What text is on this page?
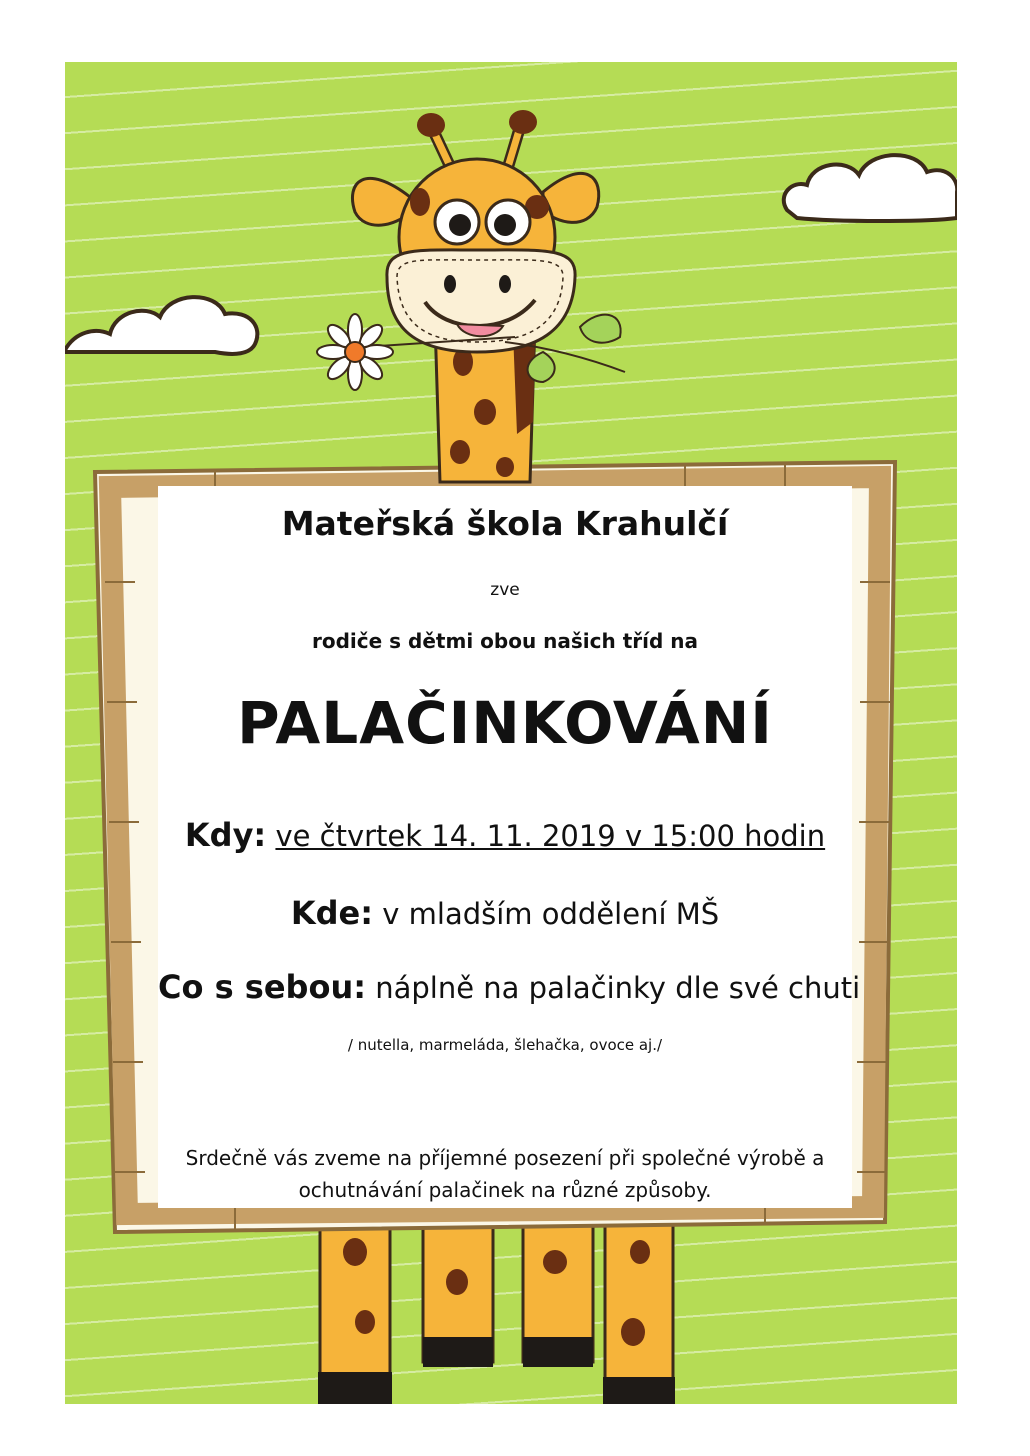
Mateřská škola Krahulčí
zve
rodiče s dětmi obou našich tříd na
PALAČINKOVÁNÍ
Kdy: ve čtvrtek 14. 11. 2019 v 15:00 hodin
Kde: v mladším oddělení MŠ
Co s sebou: náplně na palačinky dle své chuti
/ nutella, marmeláda, šlehačka, ovoce aj./
Srdečně vás zveme na příjemné posezení při společné výrobě a ochutnávání palačinek na různé způsoby.
